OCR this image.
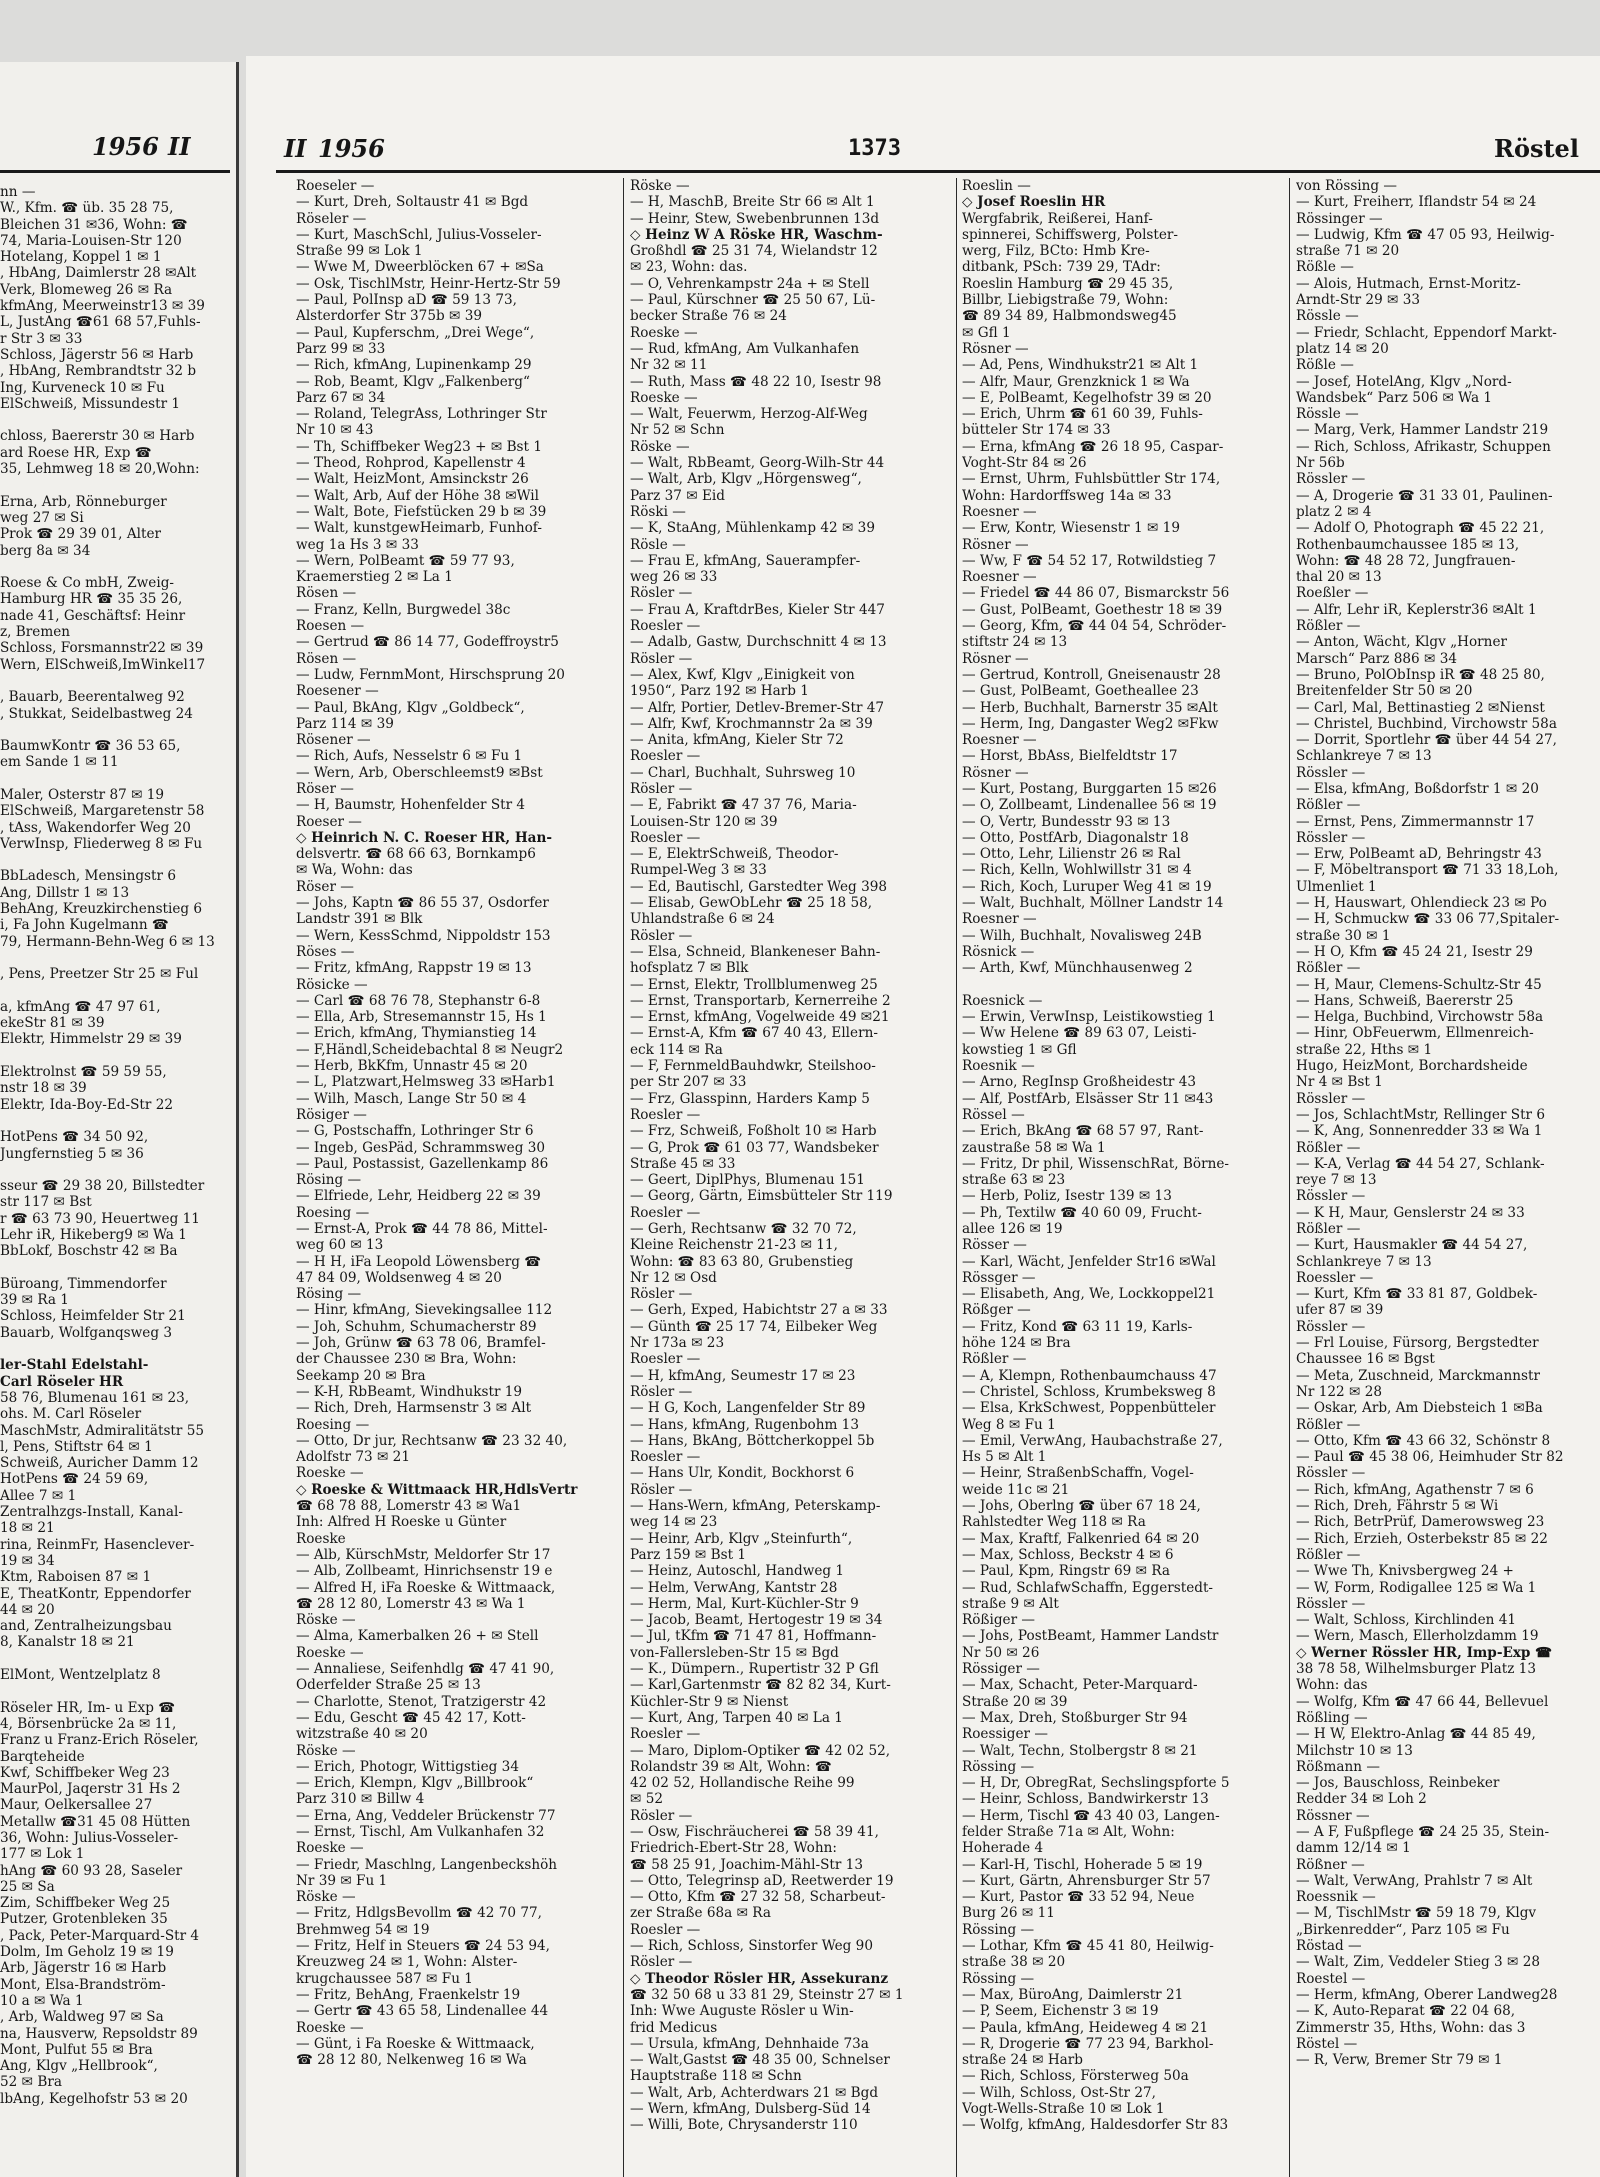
1956 II
nn —
W., Kfm. ☎ üb. 35 28 75,
Bleichen 31 ✉36, Wohn: ☎
74, Maria-Louisen-Str 120
Hotelang, Koppel 1 ✉ 1
, HbAng, Daimlerstr 28 ✉Alt
Verk, Blomeweg 26 ✉ Ra
kfmAng, Meerweinstr13 ✉ 39
L, JustAng ☎61 68 57,Fuhls-
r Str 3 ✉ 33
Schloss, Jägerstr 56 ✉ Harb
, HbAng, Rembrandtstr 32 b
Ing, Kurveneck 10 ✉ Fu
ElSchweiß, Missundestr 1

chloss, Baererstr 30 ✉ Harb
ard Roese HR, Exp ☎
35, Lehmweg 18 ✉ 20,Wohn:

Erna, Arb, Rönneburger
weg 27 ✉ Si
Prok ☎ 29 39 01, Alter
berg 8a ✉ 34

Roese & Co mbH, Zweig-
Hamburg HR ☎ 35 35 26,
nade 41, Geschäftsf: Heinr
z, Bremen
Schloss, Forsmannstr22 ✉ 39
Wern, ElSchweiß,ImWinkel17

, Bauarb, Beerentalweg 92
, Stukkat, Seidelbastweg 24

BaumwKontr ☎ 36 53 65,
em Sande 1 ✉ 11

Maler, Osterstr 87 ✉ 19
ElSchweiß, Margaretenstr 58
, tAss, Wakendorfer Weg 20
VerwInsp, Fliederweg 8 ✉ Fu

BbLadesch, Mensingstr 6
Ang, Dillstr 1 ✉ 13
BehAng, Kreuzkirchenstieg 6
i, Fa John Kugelmann ☎
79, Hermann-Behn-Weg 6 ✉ 13

, Pens, Preetzer Str 25 ✉ Ful

a, kfmAng ☎ 47 97 61,
ekeStr 81 ✉ 39
Elektr, Himmelstr 29 ✉ 39

Elektrolnst ☎ 59 59 55,
nstr 18 ✉ 39
Elektr, Ida-Boy-Ed-Str 22

HotPens ☎ 34 50 92,
Jungfernstieg 5 ✉ 36

sseur ☎ 29 38 20, Billstedter
str 117 ✉ Bst
r ☎ 63 73 90, Heuertweg 11
Lehr iR, Hikeberg9 ✉ Wa 1
BbLokf, Boschstr 42 ✉ Ba

Büroang, Timmendorfer
39 ✉ Ra 1
Schloss, Heimfelder Str 21
Bauarb, Wolfganqsweg 3

ler-Stahl Edelstahl-
Carl Röseler HR
58 76, Blumenau 161 ✉ 23,
ohs. M. Carl Röseler
MaschMstr, Admiralitätstr 55
l, Pens, Stiftstr 64 ✉ 1
Schweiß, Auricher Damm 12
HotPens ☎ 24 59 69,
Allee 7 ✉ 1
Zentralhzgs-Install, Kanal-
18 ✉ 21
rina, ReinmFr, Hasenclever-
19 ✉ 34
Ktm, Raboisen 87 ✉ 1
E, TheatKontr, Eppendorfer
44 ✉ 20
and, Zentralheizungsbau
8, Kanalstr 18 ✉ 21

ElMont, Wentzelplatz 8

Röseler HR, Im- u Exp ☎
4, Börsenbrücke 2a ✉ 11,
Franz u Franz-Erich Röseler,
Barqteheide
Kwf, Schiffbeker Weg 23
MaurPol, Jaqerstr 31 Hs 2
Maur, Oelkersallee 27
Metallw ☎31 45 08 Hütten
36, Wohn: Julius-Vosseler-
177 ✉ Lok 1
hAng ☎ 60 93 28, Saseler
25 ✉ Sa
Zim, Schiffbeker Weg 25
Putzer, Grotenbleken 35
, Pack, Peter-Marquard-Str 4
Dolm, Im Geholz 19 ✉ 19
Arb, Jägerstr 16 ✉ Harb
Mont, Elsa-Brandström-
10 a ✉ Wa 1
, Arb, Waldweg 97 ✉ Sa
na, Hausverw, Repsoldstr 89
Mont, Pulfut 55 ✉ Bra
Ang, Klgv „Hellbrook“,
52 ✉ Bra
lbAng, Kegelhofstr 53 ✉ 20
II 1956	1373	Röstel
Roeseler —
— Kurt, Dreh, Soltaustr 41 ✉ Bgd
Röseler —
— Kurt, MaschSchl, Julius-Vosseler-
Straße 99 ✉ Lok 1
— Wwe M, Dweerblöcken 67 + ✉Sa
— Osk, TischlMstr, Heinr-Hertz-Str 59
— Paul, PolInsp aD ☎ 59 13 73,
Alsterdorfer Str 375b ✉ 39
— Paul, Kupferschm, „Drei Wege“,
Parz 99 ✉ 33
— Rich, kfmAng, Lupinenkamp 29
— Rob, Beamt, Klgv „Falkenberg“
Parz 67 ✉ 34
— Roland, TelegrAss, Lothringer Str
Nr 10 ✉ 43
— Th, Schiffbeker Weg23 + ✉ Bst 1
— Theod, Rohprod, Kapellenstr 4
— Walt, HeizMont, Amsinckstr 26
— Walt, Arb, Auf der Höhe 38 ✉Wil
— Walt, Bote, Fiefstücken 29 b ✉ 39
— Walt, kunstgewHeimarb, Funhof-
weg 1a Hs 3 ✉ 33
— Wern, PolBeamt ☎ 59 77 93,
Kraemerstieg 2 ✉ La 1
Rösen —
— Franz, Kelln, Burgwedel 38c
Roesen —
— Gertrud ☎ 86 14 77, Godeffroystr5
Rösen —
— Ludw, FernmMont, Hirschsprung 20
Roesener —
— Paul, BkAng, Klgv „Goldbeck“,
Parz 114 ✉ 39
Rösener —
— Rich, Aufs, Nesselstr 6 ✉ Fu 1
— Wern, Arb, Oberschleemst9 ✉Bst
Röser —
— H, Baumstr, Hohenfelder Str 4
Roeser —
◇ Heinrich N. C. Roeser HR, Han-
delsvertr. ☎ 68 66 63, Bornkamp6
✉ Wa, Wohn: das
Röser —
— Johs, Kaptn ☎ 86 55 37, Osdorfer
Landstr 391 ✉ Blk
— Wern, KessSchmd, Nippoldstr 153
Röses —
— Fritz, kfmAng, Rappstr 19 ✉ 13
Rösicke —
— Carl ☎ 68 76 78, Stephanstr 6-8
— Ella, Arb, Stresemannstr 15, Hs 1
— Erich, kfmAng, Thymianstieg 14
— F,Händl,Scheidebachtal 8 ✉ Neugr2
— Herb, BkKfm, Unnastr 45 ✉ 20
— L, Platzwart,Helmsweg 33 ✉Harb1
— Wilh, Masch, Lange Str 50 ✉ 4
Rösiger —
— G, Postschaffn, Lothringer Str 6
— Ingeb, GesPäd, Schrammsweg 30
— Paul, Postassist, Gazellenkamp 86
Rösing —
— Elfriede, Lehr, Heidberg 22 ✉ 39
Roesing —
— Ernst-A, Prok ☎ 44 78 86, Mittel-
weg 60 ✉ 13
— H H, iFa Leopold Löwensberg ☎
47 84 09, Woldsenweg 4 ✉ 20
Rösing —
— Hinr, kfmAng, Sievekingsallee 112
— Joh, Schuhm, Schumacherstr 89
— Joh, Grünw ☎ 63 78 06, Bramfel-
der Chaussee 230 ✉ Bra, Wohn:
Seekamp 20 ✉ Bra
— K-H, RbBeamt, Windhukstr 19
— Rich, Dreh, Harmsenstr 3 ✉ Alt
Roesing —
— Otto, Dr jur, Rechtsanw ☎ 23 32 40,
Adolfstr 73 ✉ 21
Roeske —
◇ Roeske & Wittmaack HR,HdlsVertr
☎ 68 78 88, Lomerstr 43 ✉ Wa1
Inh: Alfred H Roeske u Günter
Roeske
— Alb, KürschMstr, Meldorfer Str 17
— Alb, Zollbeamt, Hinrichsenstr 19 e
— Alfred H, iFa Roeske & Wittmaack,
☎ 28 12 80, Lomerstr 43 ✉ Wa 1
Röske —
— Alma, Kamerbalken 26 + ✉ Stell
Roeske —
— Annaliese, Seifenhdlg ☎ 47 41 90,
Oderfelder Straße 25 ✉ 13
— Charlotte, Stenot, Tratzigerstr 42
— Edu, Gescht ☎ 45 42 17, Kott-
witzstraße 40 ✉ 20
Röske —
— Erich, Photogr, Wittigstieg 34
— Erich, Klempn, Klgv „Billbrook“
Parz 310 ✉ Billw 4
— Erna, Ang, Veddeler Brückenstr 77
— Ernst, Tischl, Am Vulkanhafen 32
Roeske —
— Friedr, Maschlng, Langenbeckshöh
Nr 39 ✉ Fu 1
Röske —
— Fritz, HdlgsBevollm ☎ 42 70 77,
Brehmweg 54 ✉ 19
— Fritz, Helf in Steuers ☎ 24 53 94,
Kreuzweg 24 ✉ 1, Wohn: Alster-
krugchaussee 587 ✉ Fu 1
— Fritz, BehAng, Fraenkelstr 19
— Gertr ☎ 43 65 58, Lindenallee 44
Roeske —
— Günt, i Fa Roeske & Wittmaack,
☎ 28 12 80, Nelkenweg 16 ✉ Wa
Röske —
— H, MaschB, Breite Str 66 ✉ Alt 1
— Heinr, Stew, Swebenbrunnen 13d
◇ Heinz W A Röske HR, Waschm-
Großhdl ☎ 25 31 74, Wielandstr 12
✉ 23, Wohn: das.
— O, Vehrenkampstr 24a + ✉ Stell
— Paul, Kürschner ☎ 25 50 67, Lü-
becker Straße 76 ✉ 24
Roeske —
— Rud, kfmAng, Am Vulkanhafen
Nr 32 ✉ 11
— Ruth, Mass ☎ 48 22 10, Isestr 98
Roeske —
— Walt, Feuerwm, Herzog-Alf-Weg
Nr 52 ✉ Schn
Röske —
— Walt, RbBeamt, Georg-Wilh-Str 44
— Walt, Arb, Klgv „Hörgensweg“,
Parz 37 ✉ Eid
Röski —
— K, StaAng, Mühlenkamp 42 ✉ 39
Rösle —
— Frau E, kfmAng, Sauerampfer-
weg 26 ✉ 33
Rösler —
— Frau A, KraftdrBes, Kieler Str 447
Roesler —
— Adalb, Gastw, Durchschnitt 4 ✉ 13
Rösler —
— Alex, Kwf, Klgv „Einigkeit von
1950“, Parz 192 ✉ Harb 1
— Alfr, Portier, Detlev-Bremer-Str 47
— Alfr, Kwf, Krochmannstr 2a ✉ 39
— Anita, kfmAng, Kieler Str 72
Roesler —
— Charl, Buchhalt, Suhrsweg 10
Rösler —
— E, Fabrikt ☎ 47 37 76, Maria-
Louisen-Str 120 ✉ 39
Roesler —
— E, ElektrSchweiß, Theodor-
Rumpel-Weg 3 ✉ 33
— Ed, Bautischl, Garstedter Weg 398
— Elisab, GewObLehr ☎ 25 18 58,
Uhlandstraße 6 ✉ 24
Rösler —
— Elsa, Schneid, Blankeneser Bahn-
hofsplatz 7 ✉ Blk
— Ernst, Elektr, Trollblumenweg 25
— Ernst, Transportarb, Kernerreihe 2
— Ernst, kfmAng, Vogelweide 49 ✉21
— Ernst-A, Kfm ☎ 67 40 43, Ellern-
eck 114 ✉ Ra
— F, FernmeldBauhdwkr, Steilshoo-
per Str 207 ✉ 33
— Frz, Glasspinn, Harders Kamp 5
Roesler —
— Frz, Schweiß, Foßholt 10 ✉ Harb
— G, Prok ☎ 61 03 77, Wandsbeker
Straße 45 ✉ 33
— Geert, DiplPhys, Blumenau 151
— Georg, Gärtn, Eimsbütteler Str 119
Roesler —
— Gerh, Rechtsanw ☎ 32 70 72,
Kleine Reichenstr 21-23 ✉ 11,
Wohn: ☎ 83 63 80, Grubenstieg
Nr 12 ✉ Osd
Rösler —
— Gerh, Exped, Habichtstr 27 a ✉ 33
— Günth ☎ 25 17 74, Eilbeker Weg
Nr 173a ✉ 23
Roesler —
— H, kfmAng, Seumestr 17 ✉ 23
Rösler —
— H G, Koch, Langenfelder Str 89
— Hans, kfmAng, Rugenbohm 13
— Hans, BkAng, Böttcherkoppel 5b
Roesler —
— Hans Ulr, Kondit, Bockhorst 6
Rösler —
— Hans-Wern, kfmAng, Peterskamp-
weg 14 ✉ 23
— Heinr, Arb, Klgv „Steinfurth“,
Parz 159 ✉ Bst 1
— Heinz, Autoschl, Handweg 1
— Helm, VerwAng, Kantstr 28
— Herm, Mal, Kurt-Küchler-Str 9
— Jacob, Beamt, Hertogestr 19 ✉ 34
— Jul, tKfm ☎ 71 47 81, Hoffmann-
von-Fallersleben-Str 15 ✉ Bgd
— K., Dümpern., Rupertistr 32 P Gfl
— Karl,Gartenmstr ☎ 82 82 34, Kurt-
Küchler-Str 9 ✉ Nienst
— Kurt, Ang, Tarpen 40 ✉ La 1
Roesler —
— Maro, Diplom-Optiker ☎ 42 02 52,
Rolandstr 39 ✉ Alt, Wohn: ☎
42 02 52, Hollandische Reihe 99
✉ 52
Rösler —
— Osw, Fischräucherei ☎ 58 39 41,
Friedrich-Ebert-Str 28, Wohn:
☎ 58 25 91, Joachim-Mähl-Str 13
— Otto, Telegrinsp aD, Reetwerder 19
— Otto, Kfm ☎ 27 32 58, Scharbeut-
zer Straße 68a ✉ Ra
Roesler —
— Rich, Schloss, Sinstorfer Weg 90
Rösler —
◇ Theodor Rösler HR, Assekuranz
☎ 32 50 68 u 33 81 29, Steinstr 27 ✉ 1
Inh: Wwe Auguste Rösler u Win-
frid Medicus
— Ursula, kfmAng, Dehnhaide 73a
— Walt,Gastst ☎ 48 35 00, Schnelser
Hauptstraße 118 ✉ Schn
— Walt, Arb, Achterdwars 21 ✉ Bgd
— Wern, kfmAng, Dulsberg-Süd 14
— Willi, Bote, Chrysanderstr 110
Roeslin —
◇ Josef Roeslin HR
Wergfabrik, Reißerei, Hanf-
spinnerei, Schiffswerg, Polster-
werg, Filz, BCto: Hmb Kre-
ditbank, PSch: 739 29, TAdr:
Roeslin Hamburg ☎ 29 45 35,
Billbr, Liebigstraße 79, Wohn:
☎ 89 34 89, Halbmondsweg45
✉ Gfl 1
Rösner —
— Ad, Pens, Windhukstr21 ✉ Alt 1
— Alfr, Maur, Grenzknick 1 ✉ Wa
— E, PolBeamt, Kegelhofstr 39 ✉ 20
— Erich, Uhrm ☎ 61 60 39, Fuhls-
bütteler Str 174 ✉ 33
— Erna, kfmAng ☎ 26 18 95, Caspar-
Voght-Str 84 ✉ 26
— Ernst, Uhrm, Fuhlsbüttler Str 174,
Wohn: Hardorffsweg 14a ✉ 33
Roesner —
— Erw, Kontr, Wiesenstr 1 ✉ 19
Rösner —
— Ww, F ☎ 54 52 17, Rotwildstieg 7
Roesner —
— Friedel ☎ 44 86 07, Bismarckstr 56
— Gust, PolBeamt, Goethestr 18 ✉ 39
— Georg, Kfm, ☎ 44 04 54, Schröder-
stiftstr 24 ✉ 13
Rösner —
— Gertrud, Kontroll, Gneisenaustr 28
— Gust, PolBeamt, Goetheallee 23
— Herb, Buchhalt, Barnerstr 35 ✉Alt
— Herm, Ing, Dangaster Weg2 ✉Fkw
Roesner —
— Horst, BbAss, Bielfeldtstr 17
Rösner —
— Kurt, Postang, Burggarten 15 ✉26
— O, Zollbeamt, Lindenallee 56 ✉ 19
— O, Vertr, Bundesstr 93 ✉ 13
— Otto, PostfArb, Diagonalstr 18
— Otto, Lehr, Lilienstr 26 ✉ Ral
— Rich, Kelln, Wohlwillstr 31 ✉ 4
— Rich, Koch, Luruper Weg 41 ✉ 19
— Walt, Buchhalt, Möllner Landstr 14
Roesner —
— Wilh, Buchhalt, Novalisweg 24B
Rösnick —
— Arth, Kwf, Münchhausenweg 2

Roesnick —
— Erwin, VerwInsp, Leistikowstieg 1
— Ww Helene ☎ 89 63 07, Leisti-
kowstieg 1 ✉ Gfl
Roesnik —
— Arno, RegInsp Großheidestr 43
— Alf, PostfArb, Elsässer Str 11 ✉43
Rössel —
— Erich, BkAng ☎ 68 57 97, Rant-
zaustraße 58 ✉ Wa 1
— Fritz, Dr phil, WissenschRat, Börne-
straße 63 ✉ 23
— Herb, Poliz, Isestr 139 ✉ 13
— Ph, Textilw ☎ 40 60 09, Frucht-
allee 126 ✉ 19
Rösser —
— Karl, Wächt, Jenfelder Str16 ✉Wal
Rössger —
— Elisabeth, Ang, We, Lockkoppel21
Rößger —
— Fritz, Kond ☎ 63 11 19, Karls-
höhe 124 ✉ Bra
Rößler —
— A, Klempn, Rothenbaumchauss 47
— Christel, Schloss, Krumbeksweg 8
— Elsa, KrkSchwest, Poppenbütteler
Weg 8 ✉ Fu 1
— Emil, VerwAng, Haubachstraße 27,
Hs 5 ✉ Alt 1
— Heinr, StraßenbSchaffn, Vogel-
weide 11c ✉ 21
— Johs, Oberlng ☎ über 67 18 24,
Rahlstedter Weg 118 ✉ Ra
— Max, Kraftf, Falkenried 64 ✉ 20
— Max, Schloss, Beckstr 4 ✉ 6
— Paul, Kpm, Ringstr 69 ✉ Ra
— Rud, SchlafwSchaffn, Eggerstedt-
straße 9 ✉ Alt
Rößiger —
— Johs, PostBeamt, Hammer Landstr
Nr 50 ✉ 26
Rössiger —
— Max, Schacht, Peter-Marquard-
Straße 20 ✉ 39
— Max, Dreh, Stoßburger Str 94
Roessiger —
— Walt, Techn, Stolbergstr 8 ✉ 21
Rössing —
— H, Dr, ObregRat, Sechslingspforte 5
— Heinr, Schloss, Bandwirkerstr 13
— Herm, Tischl ☎ 43 40 03, Langen-
felder Straße 71a ✉ Alt, Wohn:
Hoherade 4
— Karl-H, Tischl, Hoherade 5 ✉ 19
— Kurt, Gärtn, Ahrensburger Str 57
— Kurt, Pastor ☎ 33 52 94, Neue
Burg 26 ✉ 11
Rössing —
— Lothar, Kfm ☎ 45 41 80, Heilwig-
straße 38 ✉ 20
Rössing —
— Max, BüroAng, Daimlerstr 21
— P, Seem, Eichenstr 3 ✉ 19
— Paula, kfmAng, Heideweg 4 ✉ 21
— R, Drogerie ☎ 77 23 94, Barkhol-
straße 24 ✉ Harb
— Rich, Schloss, Försterweg 50a
— Wilh, Schloss, Ost-Str 27,
Vogt-Wells-Straße 10 ✉ Lok 1
— Wolfg, kfmAng, Haldesdorfer Str 83
von Rössing —
— Kurt, Freiherr, Iflandstr 54 ✉ 24
Rössinger —
— Ludwig, Kfm ☎ 47 05 93, Heilwig-
straße 71 ✉ 20
Rößle —
— Alois, Hutmach, Ernst-Moritz-
Arndt-Str 29 ✉ 33
Rössle —
— Friedr, Schlacht, Eppendorf Markt-
platz 14 ✉ 20
Rößle —
— Josef, HotelAng, Klgv „Nord-
Wandsbek“ Parz 506 ✉ Wa 1
Rössle —
— Marg, Verk, Hammer Landstr 219
— Rich, Schloss, Afrikastr, Schuppen
Nr 56b
Rössler —
— A, Drogerie ☎ 31 33 01, Paulinen-
platz 2 ✉ 4
— Adolf O, Photograph ☎ 45 22 21,
Rothenbaumchaussee 185 ✉ 13,
Wohn: ☎ 48 28 72, Jungfrauen-
thal 20 ✉ 13
Roeßler —
— Alfr, Lehr iR, Keplerstr36 ✉Alt 1
Rößler —
— Anton, Wächt, Klgv „Horner
Marsch“ Parz 886 ✉ 34
— Bruno, PolObInsp iR ☎ 48 25 80,
Breitenfelder Str 50 ✉ 20
— Carl, Mal, Bettinastieg 2 ✉Nienst
— Christel, Buchbind, Virchowstr 58a
— Dorrit, Sportlehr ☎ über 44 54 27,
Schlankreye 7 ✉ 13
Rössler —
— Elsa, kfmAng, Boßdorfstr 1 ✉ 20
Rößler —
— Ernst, Pens, Zimmermannstr 17
Rössler —
— Erw, PolBeamt aD, Behringstr 43
— F, Möbeltransport ☎ 71 33 18,Loh,
Ulmenliet 1
— H, Hauswart, Ohlendieck 23 ✉ Po
— H, Schmuckw ☎ 33 06 77,Spitaler-
straße 30 ✉ 1
— H O, Kfm ☎ 45 24 21, Isestr 29
Rößler —
— H, Maur, Clemens-Schultz-Str 45
— Hans, Schweiß, Baererstr 25
— Helga, Buchbind, Virchowstr 58a
— Hinr, ObFeuerwm, Ellmenreich-
straße 22, Hths ✉ 1
Hugo, HeizMont, Borchardsheide
Nr 4 ✉ Bst 1
Rössler —
— Jos, SchlachtMstr, Rellinger Str 6
— K, Ang, Sonnenredder 33 ✉ Wa 1
Rößler —
— K-A, Verlag ☎ 44 54 27, Schlank-
reye 7 ✉ 13
Rössler —
— K H, Maur, Genslerstr 24 ✉ 33
Rößler —
— Kurt, Hausmakler ☎ 44 54 27,
Schlankreye 7 ✉ 13
Roessler —
— Kurt, Kfm ☎ 33 81 87, Goldbek-
ufer 87 ✉ 39
Rössler —
— Frl Louise, Fürsorg, Bergstedter
Chaussee 16 ✉ Bgst
— Meta, Zuschneid, Marckmannstr
Nr 122 ✉ 28
— Oskar, Arb, Am Diebsteich 1 ✉Ba
Rößler —
— Otto, Kfm ☎ 43 66 32, Schönstr 8
— Paul ☎ 45 38 06, Heimhuder Str 82
Rössler —
— Rich, kfmAng, Agathenstr 7 ✉ 6
— Rich, Dreh, Fährstr 5 ✉ Wi
— Rich, BetrPrüf, Damerowsweg 23
— Rich, Erzieh, Osterbekstr 85 ✉ 22
Rößler —
— Wwe Th, Knivsbergweg 24 +
— W, Form, Rodigallee 125 ✉ Wa 1
Rössler —
— Walt, Schloss, Kirchlinden 41
— Wern, Masch, Ellerholzdamm 19
◇ Werner Rössler HR, Imp-Exp ☎
38 78 58, Wilhelmsburger Platz 13
Wohn: das
— Wolfg, Kfm ☎ 47 66 44, Bellevuel
Rößling —
— H W, Elektro-Anlag ☎ 44 85 49,
Milchstr 10 ✉ 13
Rößmann —
— Jos, Bauschloss, Reinbeker
Redder 34 ✉ Loh 2
Rössner —
— A F, Fußpflege ☎ 24 25 35, Stein-
damm 12/14 ✉ 1
Rößner —
— Walt, VerwAng, Prahlstr 7 ✉ Alt
Roessnik —
— M, TischlMstr ☎ 59 18 79, Klgv
„Birkenredder“, Parz 105 ✉ Fu
Röstad —
— Walt, Zim, Veddeler Stieg 3 ✉ 28
Roestel —
— Herm, kfmAng, Oberer Landweg28
— K, Auto-Reparat ☎ 22 04 68,
Zimmerstr 35, Hths, Wohn: das 3
Röstel —
— R, Verw, Bremer Str 79 ✉ 1
